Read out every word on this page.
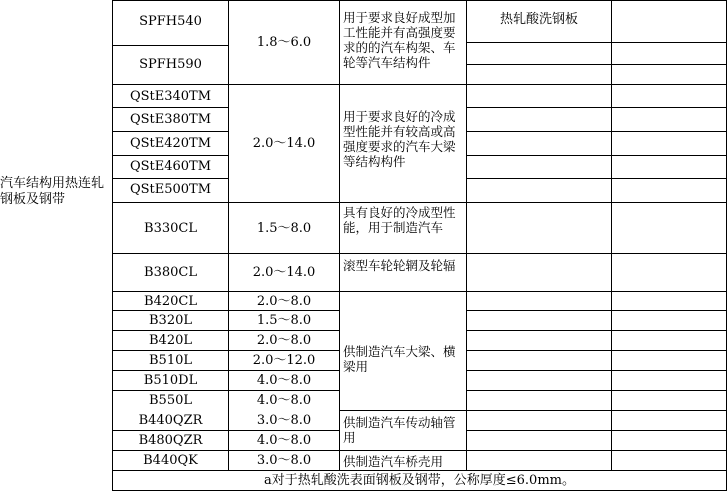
汽车结构用热连轧钢板及钢带
SPFH540
SPFH590
QStE340TM
QStE380TM
QStE420TM
QStE460TM
QStE500TM
B330CL
B380CL
B420CL
B320L
B420L
B510L
B510DL
B550L
B440QZR
B480QZR
B440QK
1.8～6.0
2.0～14.0
1.5～8.0
2.0～14.0
2.0～8.0
1.5～8.0
2.0～8.0
2.0～12.0
4.0～8.0
4.0～8.0
3.0～8.0
4.0～8.0
3.0～8.0
用于要求良好成型加工性能并有高强度要求的的汽车构架、车轮等汽车结构件
用于要求良好的冷成型性能并有较高或高强度要求的汽车大梁等结构构件
具有良好的冷成型性能，用于制造汽车
滚型车轮轮辋及轮辐
供制造汽车大梁、横梁用
供制造汽车传动轴管用
供制造汽车桥壳用
热轧酸洗钢板
a对于热轧酸洗表面钢板及钢带，公称厚度≤6.0mm。
